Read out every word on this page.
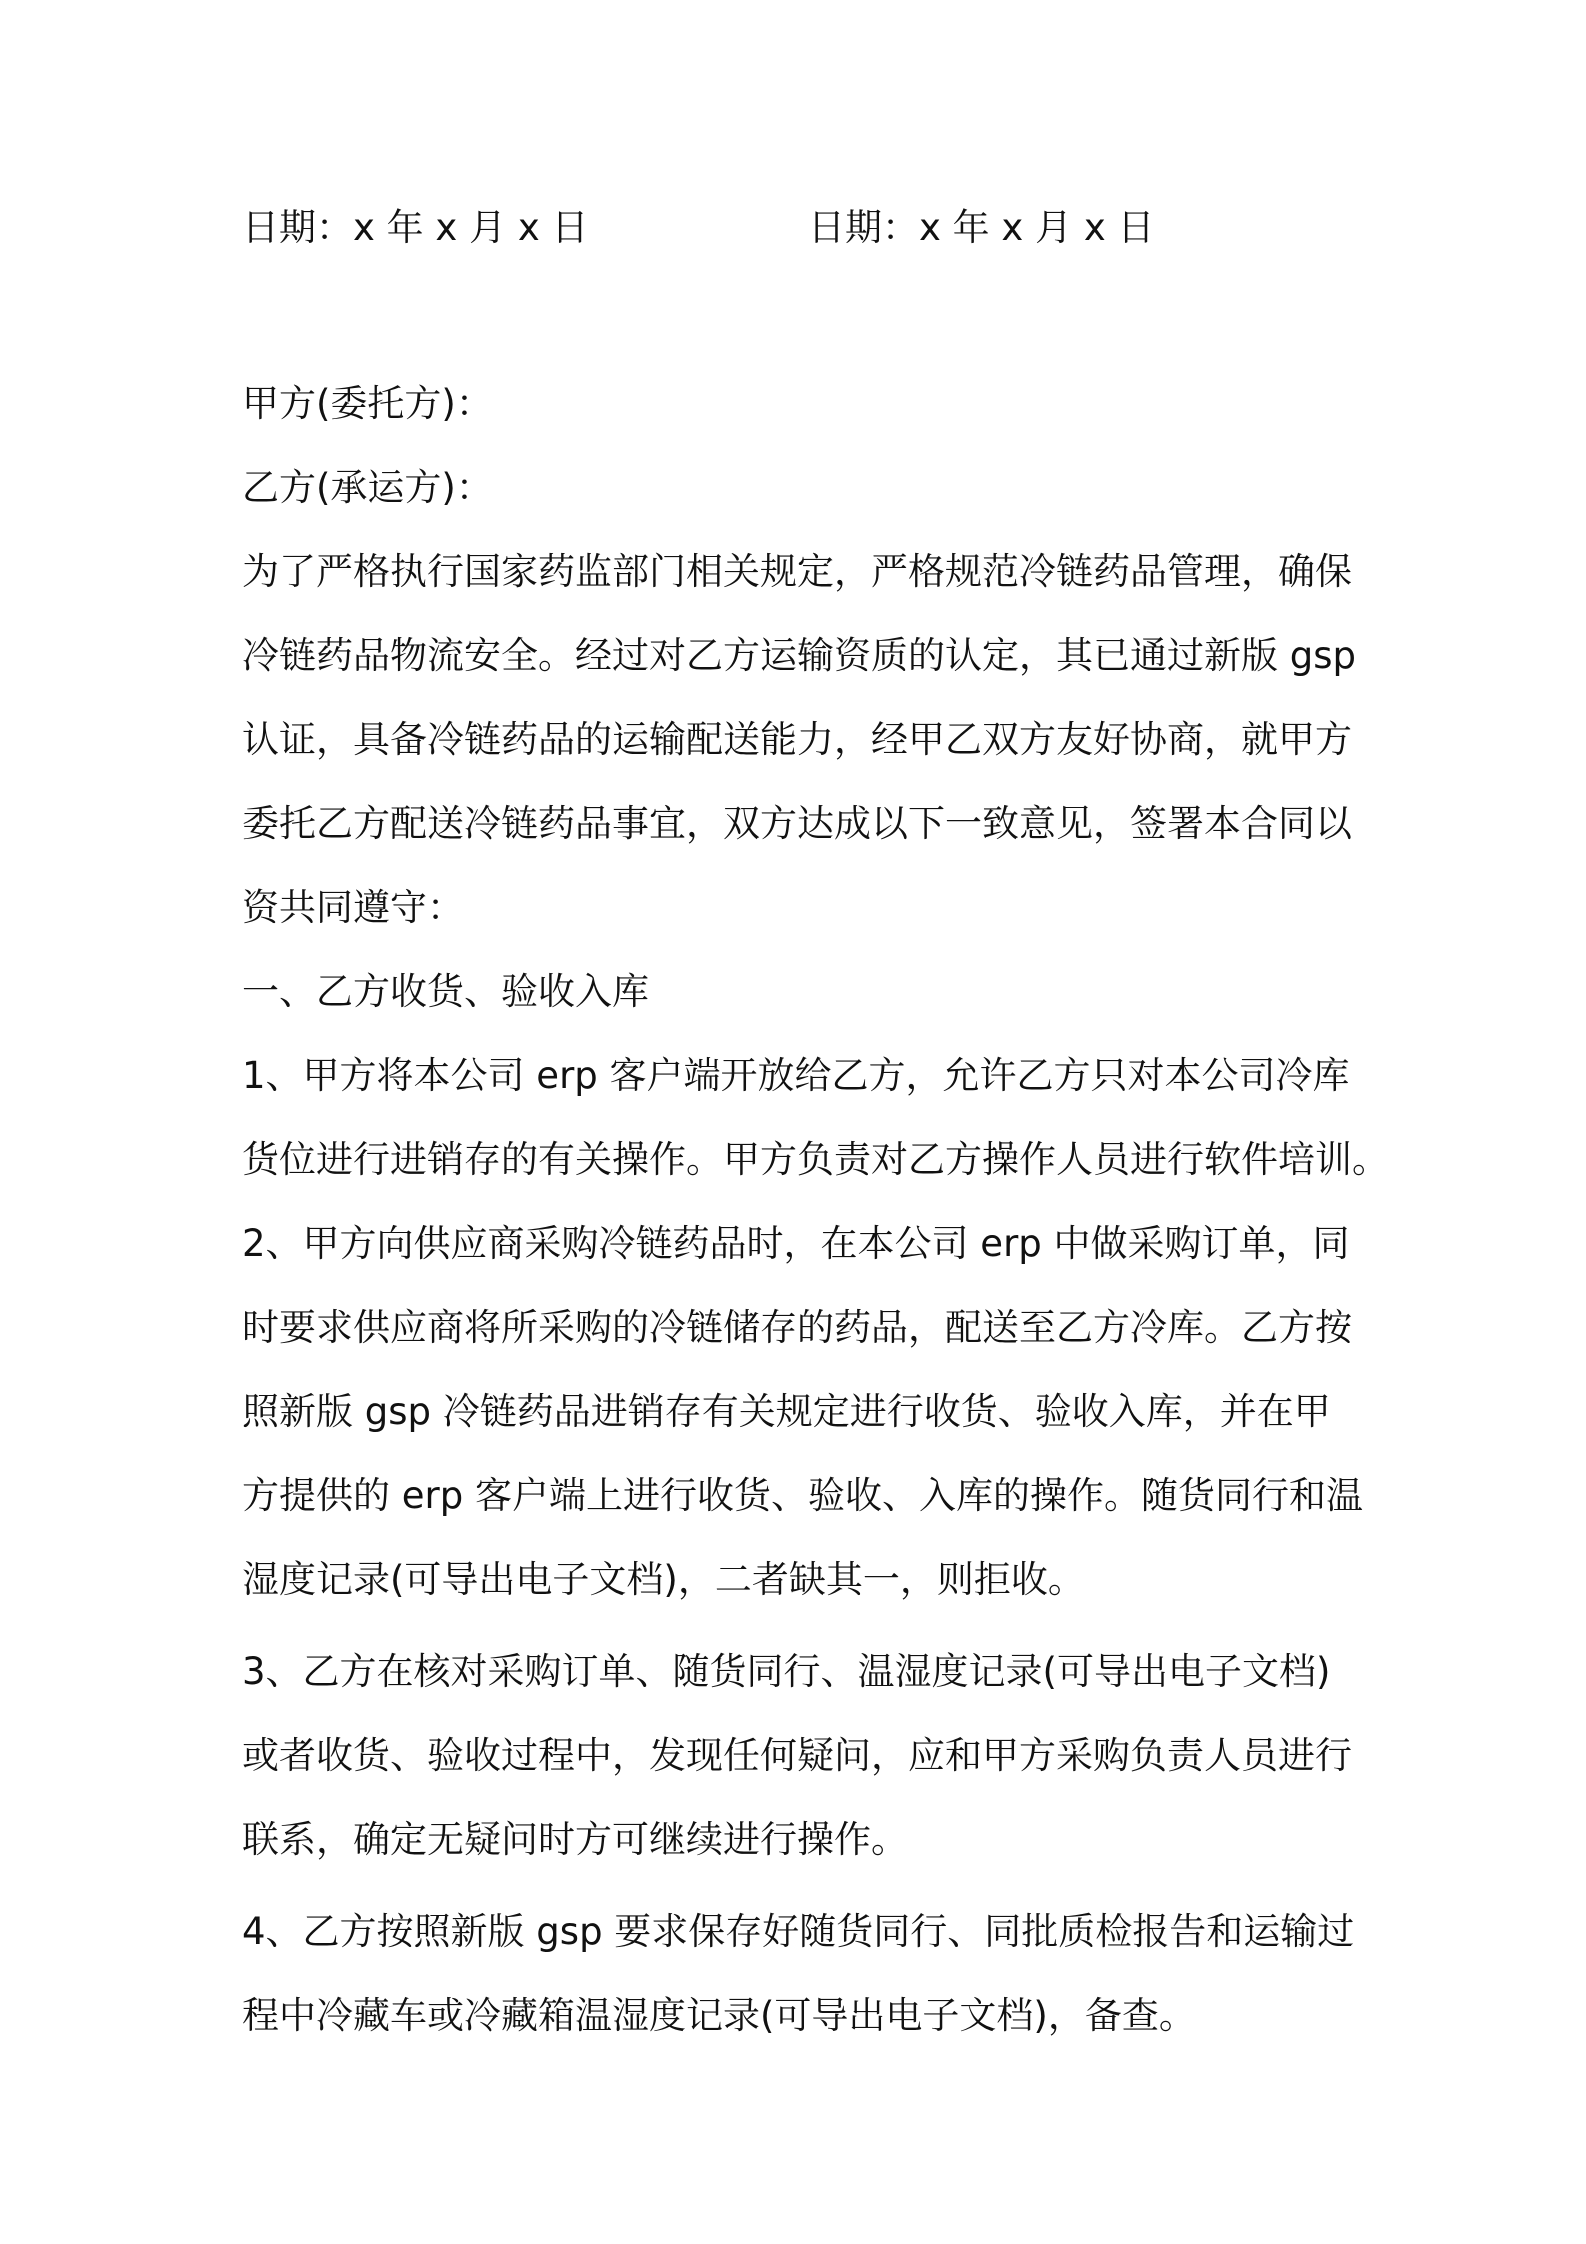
日期：x 年 x 月 x 日	日期：x 年 x 月 x 日
甲方(委托方)：
乙方(承运方)：
为了严格执行国家药监部门相关规定，严格规范冷链药品管理，确保
冷链药品物流安全。经过对乙方运输资质的认定，其已通过新版 gsp
认证，具备冷链药品的运输配送能力，经甲乙双方友好协商，就甲方
委托乙方配送冷链药品事宜，双方达成以下一致意见，签署本合同以
资共同遵守：
一、乙方收货、验收入库
1、甲方将本公司 erp 客户端开放给乙方，允许乙方只对本公司冷库
货位进行进销存的有关操作。甲方负责对乙方操作人员进行软件培训。
2、甲方向供应商采购冷链药品时，在本公司 erp 中做采购订单，同
时要求供应商将所采购的冷链储存的药品，配送至乙方冷库。乙方按
照新版 gsp 冷链药品进销存有关规定进行收货、验收入库，并在甲
方提供的 erp 客户端上进行收货、验收、入库的操作。随货同行和温
湿度记录(可导出电子文档)，二者缺其一，则拒收。
3、乙方在核对采购订单、随货同行、温湿度记录(可导出电子文档)
或者收货、验收过程中，发现任何疑问，应和甲方采购负责人员进行
联系，确定无疑问时方可继续进行操作。
4、乙方按照新版 gsp 要求保存好随货同行、同批质检报告和运输过
程中冷藏车或冷藏箱温湿度记录(可导出电子文档)，备查。
